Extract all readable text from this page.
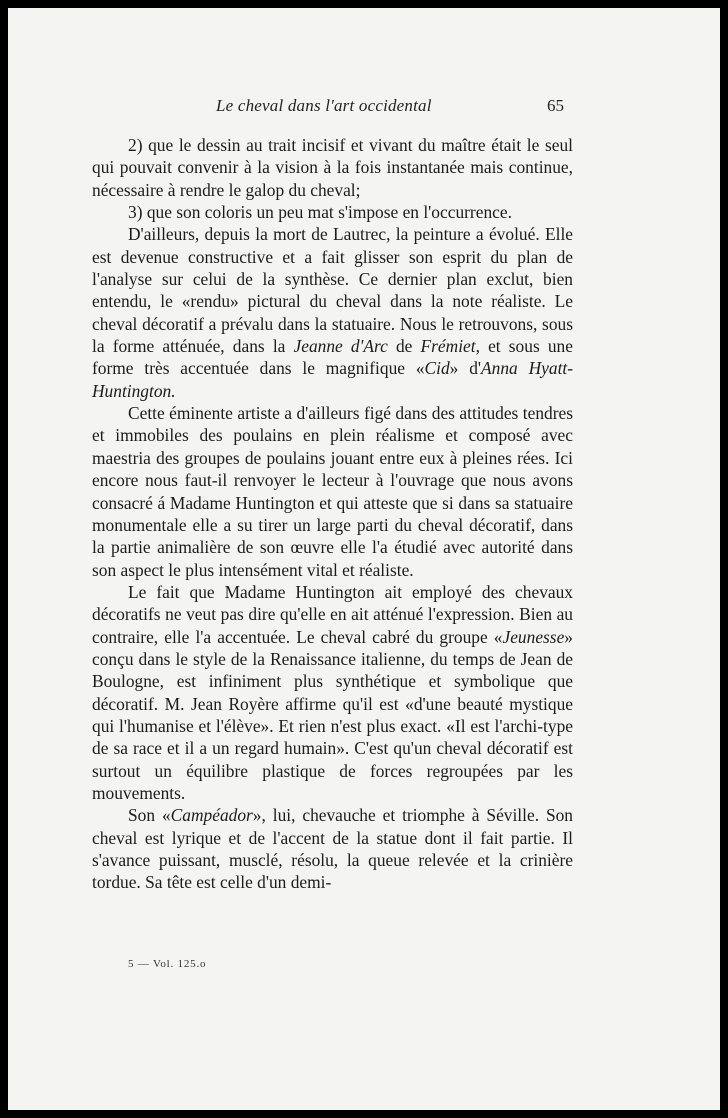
Le cheval dans l'art occidental	65

2) que le dessin au trait incisif et vivant du maître était le seul qui pouvait convenir à la vision à la fois instantanée mais continue, nécessaire à rendre le galop du cheval;

3) que son coloris un peu mat s'impose en l'occurrence.

D'ailleurs, depuis la mort de Lautrec, la peinture a évolué. Elle est devenue constructive et a fait glisser son esprit du plan de l'analyse sur celui de la synthèse. Ce dernier plan exclut, bien entendu, le «rendu» pictural du cheval dans la note réaliste. Le cheval décoratif a prévalu dans la statuaire. Nous le retrouvons, sous la forme atténuée, dans la Jeanne d'Arc de Frémiet, et sous une forme très accentuée dans le magnifique «Cid» d'Anna Hyatt-Huntington.

Cette éminente artiste a d'ailleurs figé dans des attitudes tendres et immobiles des poulains en plein réalisme et composé avec maestria des groupes de poulains jouant entre eux à pleines rées. Ici encore nous faut-il renvoyer le lecteur à l'ouvrage que nous avons consacré á Madame Huntington et qui atteste que si dans sa statuaire monumentale elle a su tirer un large parti du cheval décoratif, dans la partie animalière de son œuvre elle l'a étudié avec autorité dans son aspect le plus intensément vital et réaliste.

Le fait que Madame Huntington ait employé des chevaux décoratifs ne veut pas dire qu'elle en ait atténué l'expression. Bien au contraire, elle l'a accentuée. Le cheval cabré du groupe «Jeunesse» conçu dans le style de la Renaissance italienne, du temps de Jean de Boulogne, est infiniment plus synthétique et symbolique que décoratif. M. Jean Royère affirme qu'il est «d'une beauté mystique qui l'humanise et l'élève». Et rien n'est plus exact. «Il est l'archi-type de sa race et il a un regard humain». C'est qu'un cheval décoratif est surtout un équilibre plastique de forces regroupées par les mouvements.

Son «Campéador», lui, chevauche et triomphe à Séville. Son cheval est lyrique et de l'accent de la statue dont il fait partie. Il s'avance puissant, musclé, résolu, la queue relevée et la crinière tordue. Sa tête est celle d'un demi-

5 — Vol. 125.o
